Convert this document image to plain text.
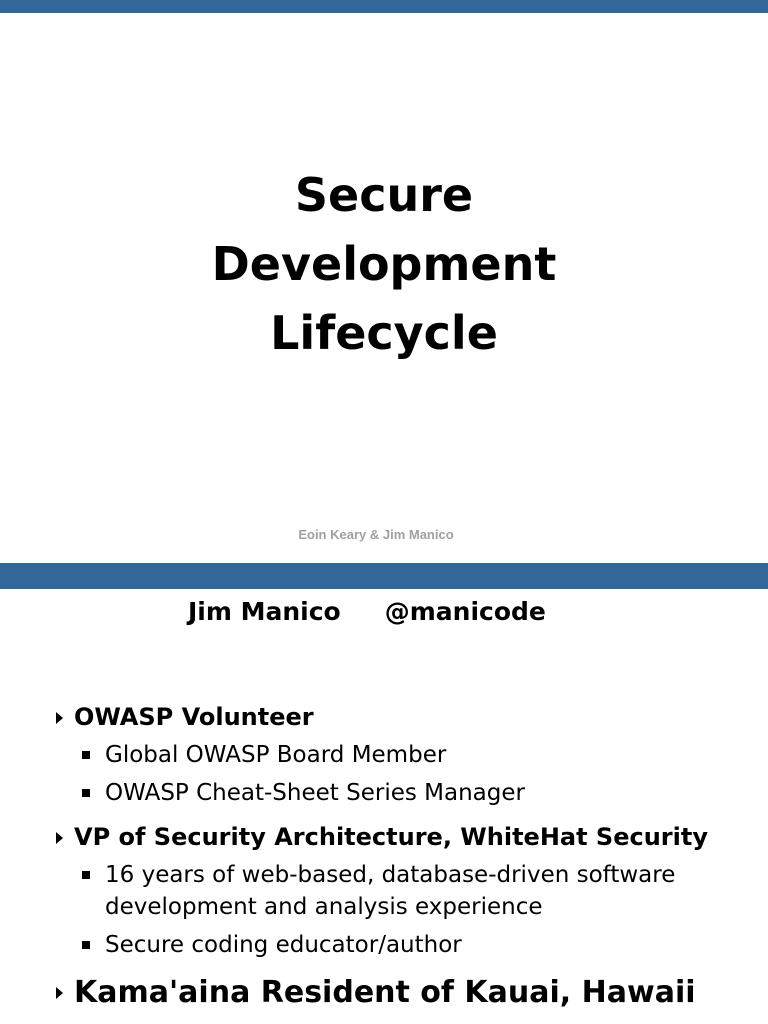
Secure
Development
Lifecycle
Eoin Keary & Jim Manico
Jim Manico @manicode
OWASP Volunteer
Global OWASP Board Member
OWASP Cheat-Sheet Series Manager
VP of Security Architecture, WhiteHat Security
16 years of web-based, database-driven software development and analysis experience
Secure coding educator/author
Kama'aina Resident of Kauai, Hawaii
